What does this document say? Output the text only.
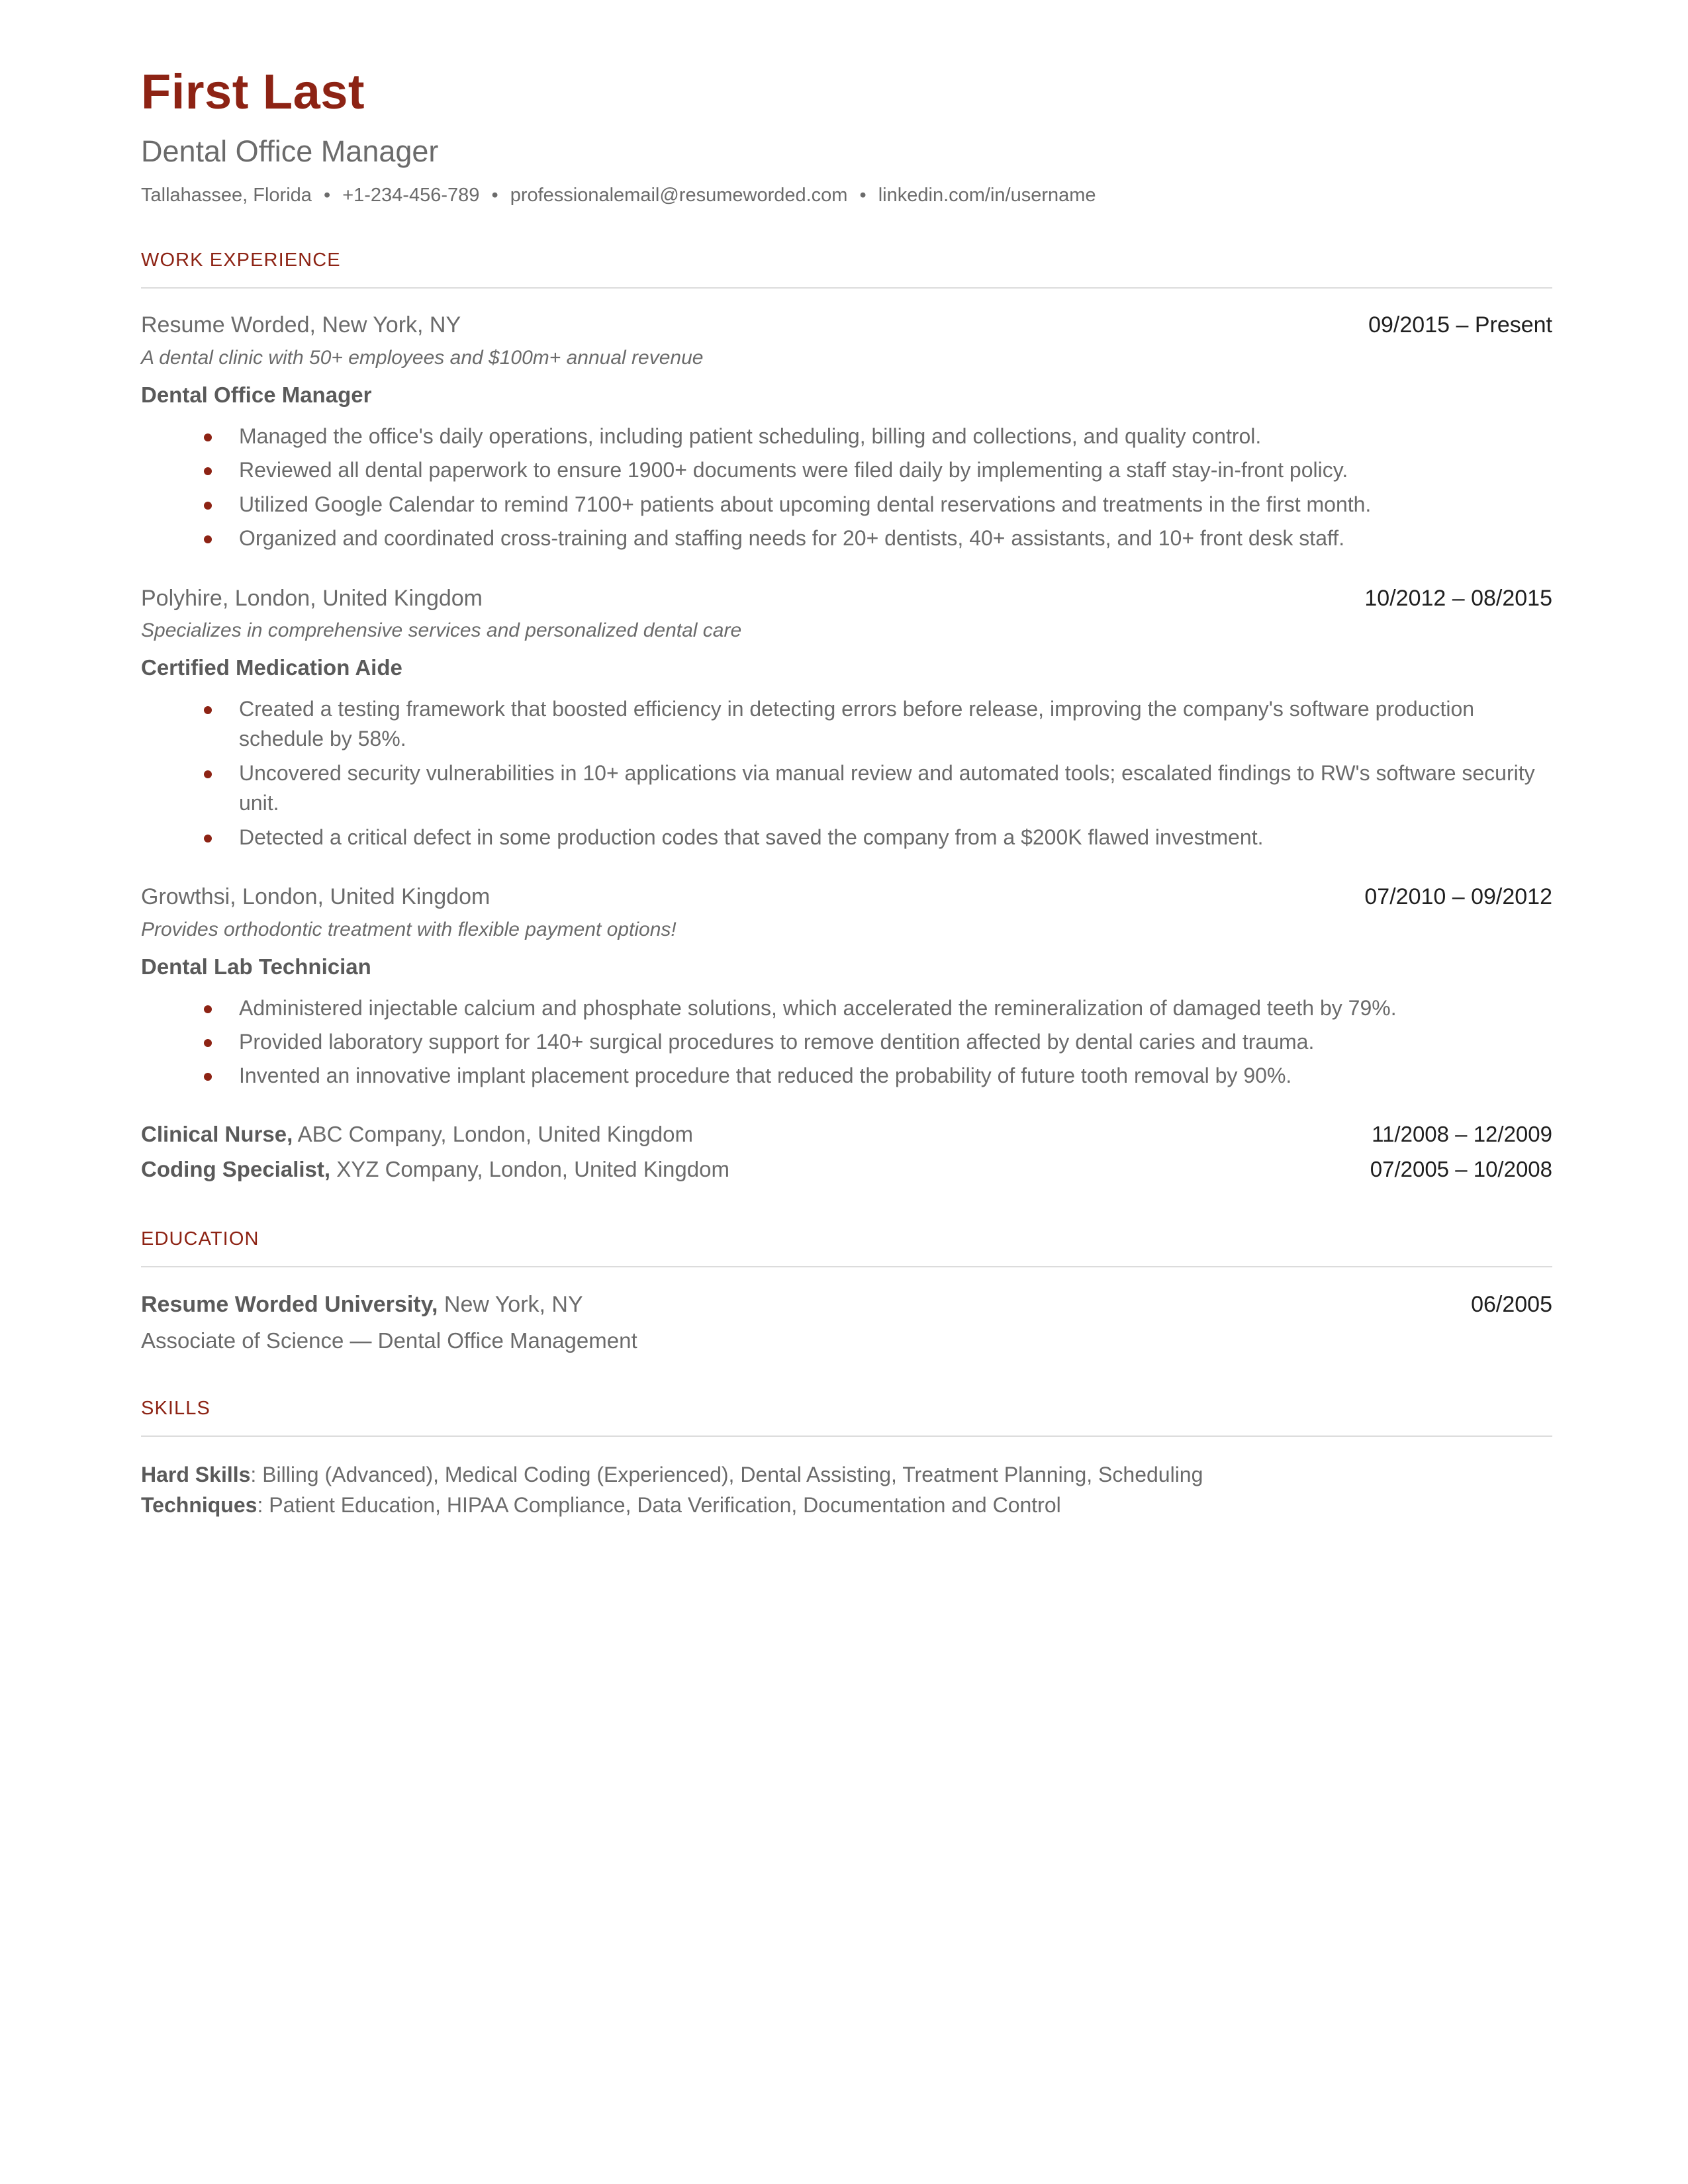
First Last
Dental Office Manager
Tallahassee, Florida • +1-234-456-789 • professionalemail@resumeworded.com • linkedin.com/in/username
WORK EXPERIENCE
Resume Worded, New York, NY	09/2015 – Present
A dental clinic with 50+ employees and $100m+ annual revenue
Dental Office Manager
Managed the office's daily operations, including patient scheduling, billing and collections, and quality control.
Reviewed all dental paperwork to ensure 1900+ documents were filed daily by implementing a staff stay-in-front policy.
Utilized Google Calendar to remind 7100+ patients about upcoming dental reservations and treatments in the first month.
Organized and coordinated cross-training and staffing needs for 20+ dentists, 40+ assistants, and 10+ front desk staff.
Polyhire, London, United Kingdom	10/2012 – 08/2015
Specializes in comprehensive services and personalized dental care
Certified Medication Aide
Created a testing framework that boosted efficiency in detecting errors before release, improving the company's software production schedule by 58%.
Uncovered security vulnerabilities in 10+ applications via manual review and automated tools; escalated findings to RW's software security unit.
Detected a critical defect in some production codes that saved the company from a $200K flawed investment.
Growthsi, London, United Kingdom	07/2010 – 09/2012
Provides orthodontic treatment with flexible payment options!
Dental Lab Technician
Administered injectable calcium and phosphate solutions, which accelerated the remineralization of damaged teeth by 79%.
Provided laboratory support for 140+ surgical procedures to remove dentition affected by dental caries and trauma.
Invented an innovative implant placement procedure that reduced the probability of future tooth removal by 90%.
Clinical Nurse, ABC Company, London, United Kingdom	11/2008 – 12/2009
Coding Specialist, XYZ Company, London, United Kingdom	07/2005 – 10/2008
EDUCATION
Resume Worded University, New York, NY	06/2005
Associate of Science — Dental Office Management
SKILLS
Hard Skills: Billing (Advanced), Medical Coding (Experienced), Dental Assisting, Treatment Planning, Scheduling
Techniques: Patient Education, HIPAA Compliance, Data Verification, Documentation and Control
